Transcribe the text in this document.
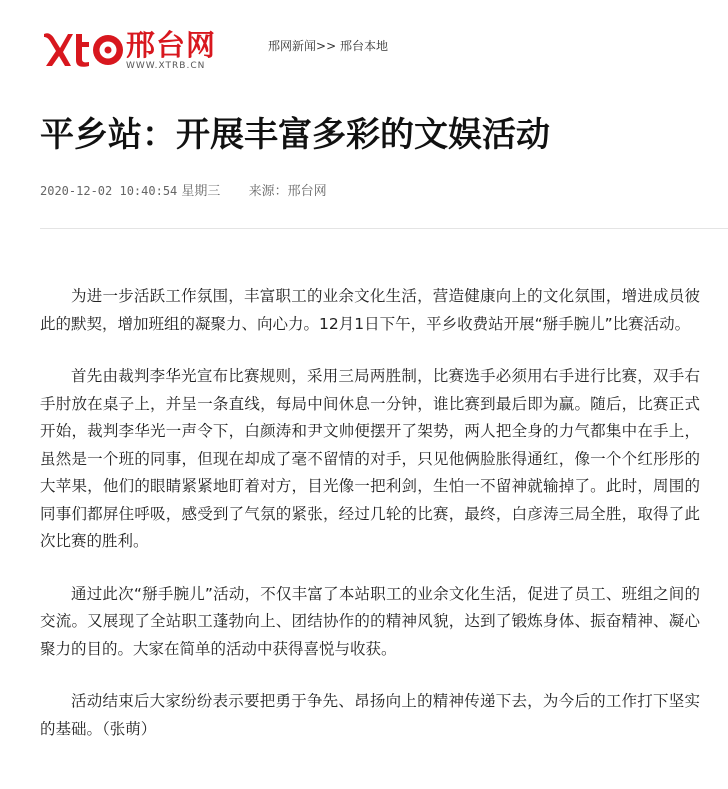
邢台网
WWW.XTRB.CN
邢网新闻>> 邢台本地
平乡站：开展丰富多彩的文娱活动
2020-12-02 10:40:54 星期三 来源：邢台网

为进一步活跃工作氛围，丰富职工的业余文化生活，营造健康向上的文化氛围，增进成员彼此的默契，增加班组的凝聚力、向心力。12月1日下午，平乡收费站开展“掰手腕儿”比赛活动。

首先由裁判李华光宣布比赛规则，采用三局两胜制，比赛选手必须用右手进行比赛，双手右手肘放在桌子上，并呈一条直线，每局中间休息一分钟，谁比赛到最后即为赢。随后，比赛正式开始，裁判李华光一声令下，白颜涛和尹文帅便摆开了架势，两人把全身的力气都集中在手上，虽然是一个班的同事，但现在却成了毫不留情的对手，只见他俩脸胀得通红，像一个个红彤彤的大苹果，他们的眼睛紧紧地盯着对方，目光像一把利剑，生怕一不留神就输掉了。此时，周围的同事们都屏住呼吸，感受到了气氛的紧张，经过几轮的比赛，最终，白彦涛三局全胜，取得了此次比赛的胜利。

通过此次“掰手腕儿”活动，不仅丰富了本站职工的业余文化生活，促进了员工、班组之间的交流。又展现了全站职工蓬勃向上、团结协作的的精神风貌，达到了锻炼身体、振奋精神、凝心聚力的目的。大家在简单的活动中获得喜悦与收获。

活动结束后大家纷纷表示要把勇于争先、昂扬向上的精神传递下去，为今后的工作打下坚实的基础。（张萌）
